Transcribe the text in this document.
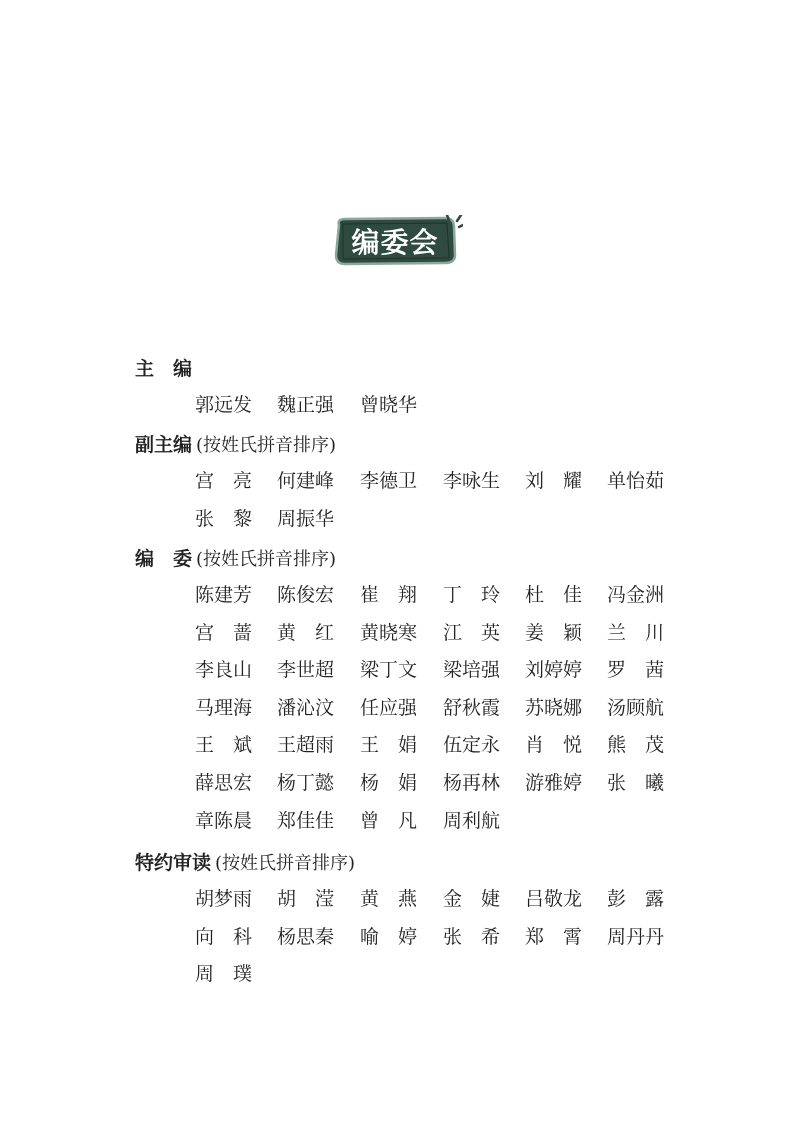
编委会
主　编
郭远发 魏正强 曾晓华
副主编 (按姓氏拼音排序)
宫　亮 何建峰 李德卫 李咏生 刘　耀 单怡茹
张　黎 周振华
编　委 (按姓氏拼音排序)
陈建芳 陈俊宏 崔　翔 丁　玲 杜　佳 冯金洲
宫　蔷 黄　红 黄晓寒 江　英 姜　颖 兰　川
李良山 李世超 梁丁文 梁培强 刘婷婷 罗　茜
马理海 潘沁汶 任应强 舒秋霞 苏晓娜 汤顾航
王　斌 王超雨 王　娟 伍定永 肖　悦 熊　茂
薛思宏 杨丁懿 杨　娟 杨再林 游雅婷 张　曦
章陈晨 郑佳佳 曾　凡 周利航
特约审读 (按姓氏拼音排序)
胡梦雨 胡　滢 黄　燕 金　婕 吕敬龙 彭　露
向　科 杨思秦 喻　婷 张　希 郑　霄 周丹丹
周　璞
